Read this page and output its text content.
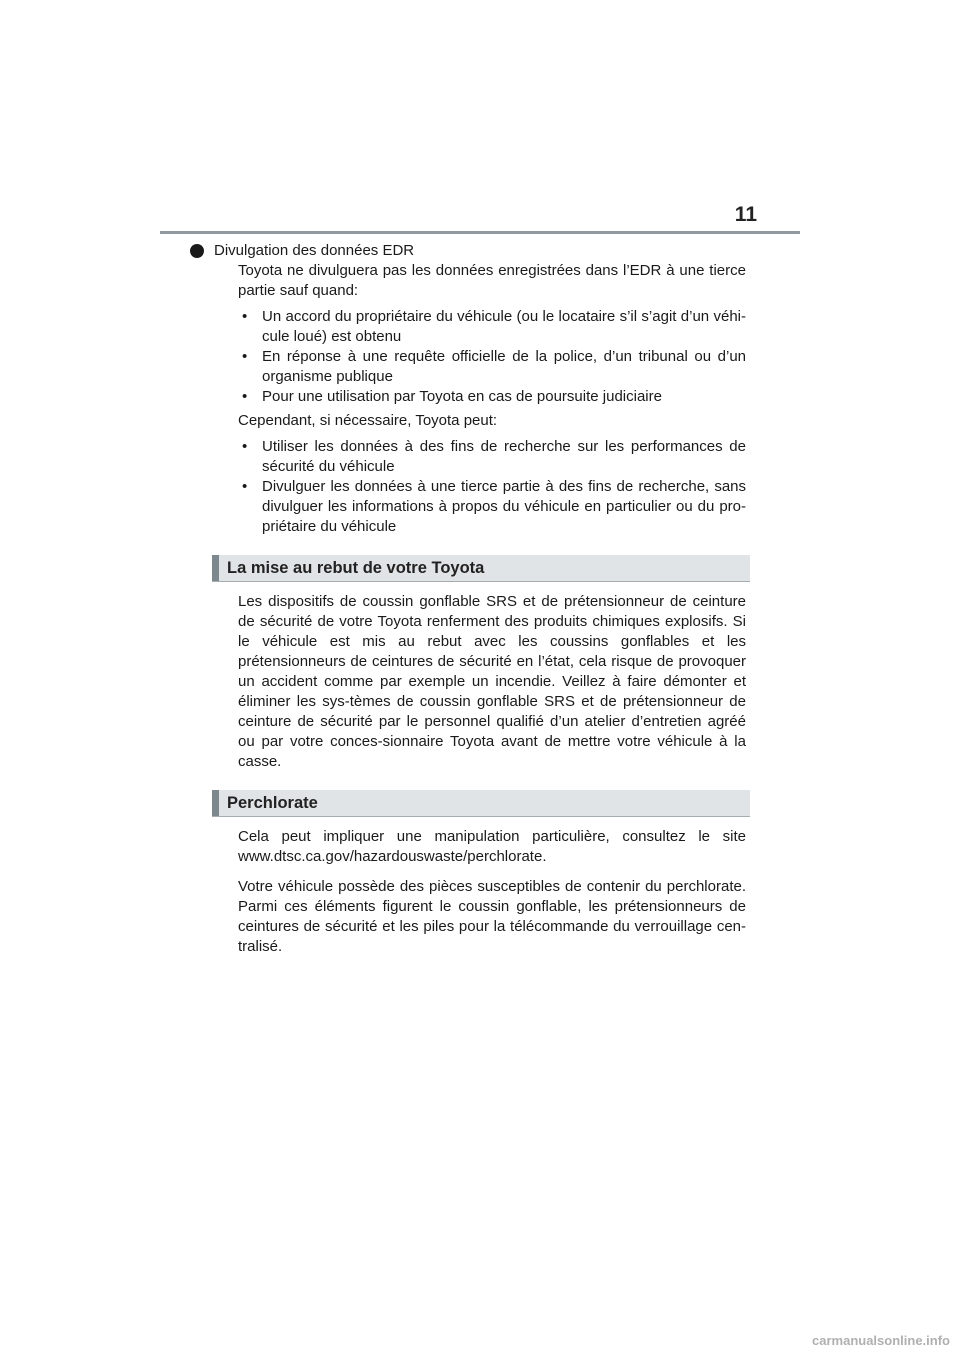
11
Divulgation des données EDR

Toyota ne divulguera pas les données enregistrées dans l’EDR à une tierce partie sauf quand:

• Un accord du propriétaire du véhicule (ou le locataire s’il s’agit d’un véhi-cule loué) est obtenu
• En réponse à une requête officielle de la police, d’un tribunal ou d’un organisme publique
• Pour une utilisation par Toyota en cas de poursuite judiciaire

Cependant, si nécessaire, Toyota peut:

• Utiliser les données à des fins de recherche sur les performances de sécurité du véhicule
• Divulguer les données à une tierce partie à des fins de recherche, sans divulguer les informations à propos du véhicule en particulier ou du pro-priétaire du véhicule
La mise au rebut de votre Toyota

Les dispositifs de coussin gonflable SRS et de prétensionneur de ceinture de sécurité de votre Toyota renferment des produits chimiques explosifs. Si le véhicule est mis au rebut avec les coussins gonflables et les prétensionneurs de ceintures de sécurité en l’état, cela risque de provoquer un accident comme par exemple un incendie. Veillez à faire démonter et éliminer les sys-tèmes de coussin gonflable SRS et de prétensionneur de ceinture de sécurité par le personnel qualifié d’un atelier d’entretien agréé ou par votre conces-sionnaire Toyota avant de mettre votre véhicule à la casse.

Perchlorate

Cela peut impliquer une manipulation particulière, consultez le site www.dtsc.ca.gov/hazardouswaste/perchlorate.

Votre véhicule possède des pièces susceptibles de contenir du perchlorate. Parmi ces éléments figurent le coussin gonflable, les prétensionneurs de ceintures de sécurité et les piles pour la télécommande du verrouillage cen-tralisé.

carmanualsonline.info
